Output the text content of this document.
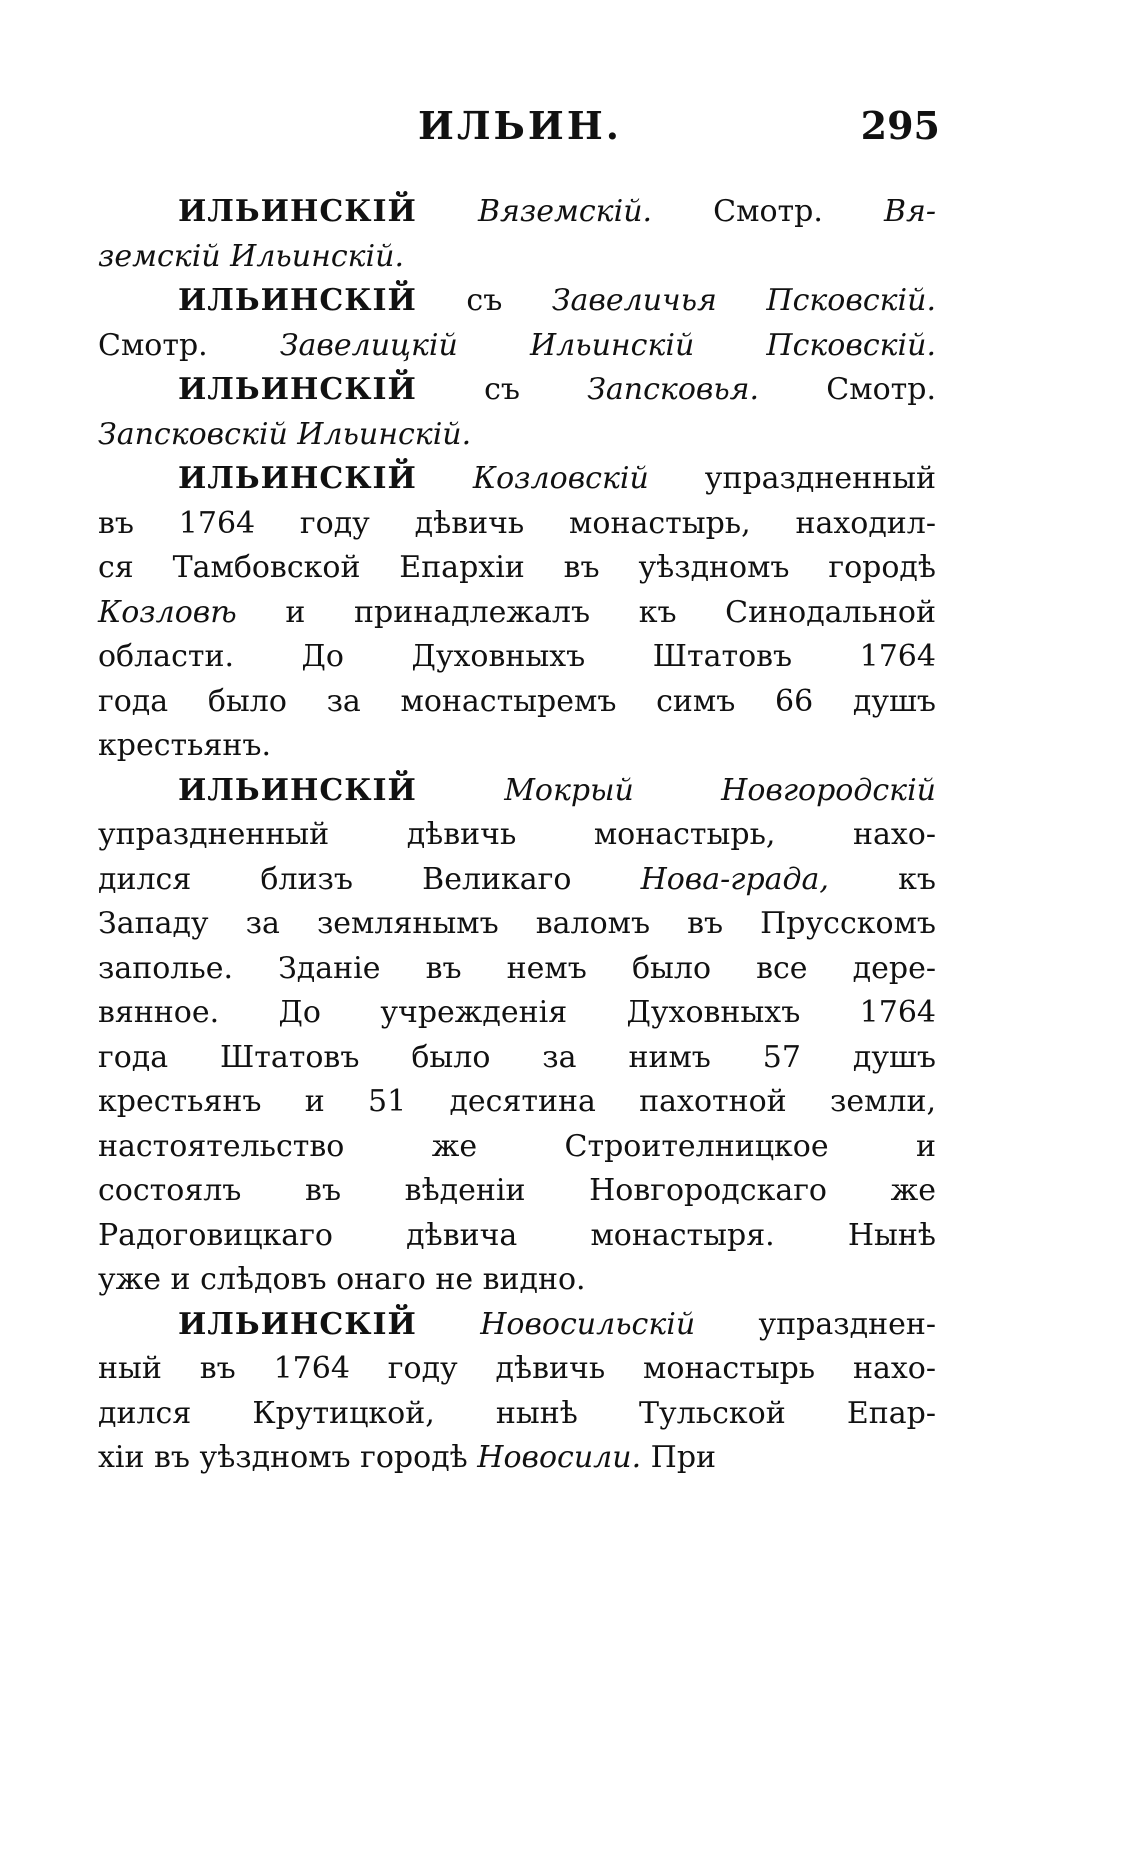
ИЛЬИН.	295
ИЛЬИНСКІЙ Вяземскій. Смотр. Вя-
земскій Ильинскій.
ИЛЬИНСКІЙ съ Завеличья Псковскій.
Смотр. Завелицкій Ильинскій Псковскій.
ИЛЬИНСКІЙ съ Запсковья. Смотр.
Запсковскій Ильинскій.
ИЛЬИНСКІЙ Козловскій упраздненный
въ 1764 году дѣвичь монастырь, находил-
ся Тамбовской Епархіи въ уѣздномъ городѣ
Козловѣ и принадлежалъ къ Синодальной
области. До Духовныхъ Штатовъ 1764
года было за монастыремъ симъ 66 душъ
крестьянъ.
ИЛЬИНСКІЙ	Мокрый Новгородскій
упраздненный дѣвичь монастырь, нахо-
дился близъ Великаго Нова-града, къ
Западу за землянымъ валомъ въ Прусскомъ
заполье. Зданіе въ немъ было все дере-
вянное. До учрежденія Духовныхъ 1764
года Штатовъ было за нимъ 57 душъ
крестьянъ и 51 десятина пахотной земли,
настоятельство же Строителницкое и
состоялъ въ вѣденіи Новгородскаго же
Радоговицкаго дѣвича монастыря. Нынѣ
уже и слѣдовъ онаго не видно.
ИЛЬИНСКІЙ Новосильскій упразднен-
ный въ 1764 году дѣвичь монастырь нахо-
дился Крутицкой, нынѣ Тульской Епар-
хіи въ уѣздномъ городѣ Новосили. При
